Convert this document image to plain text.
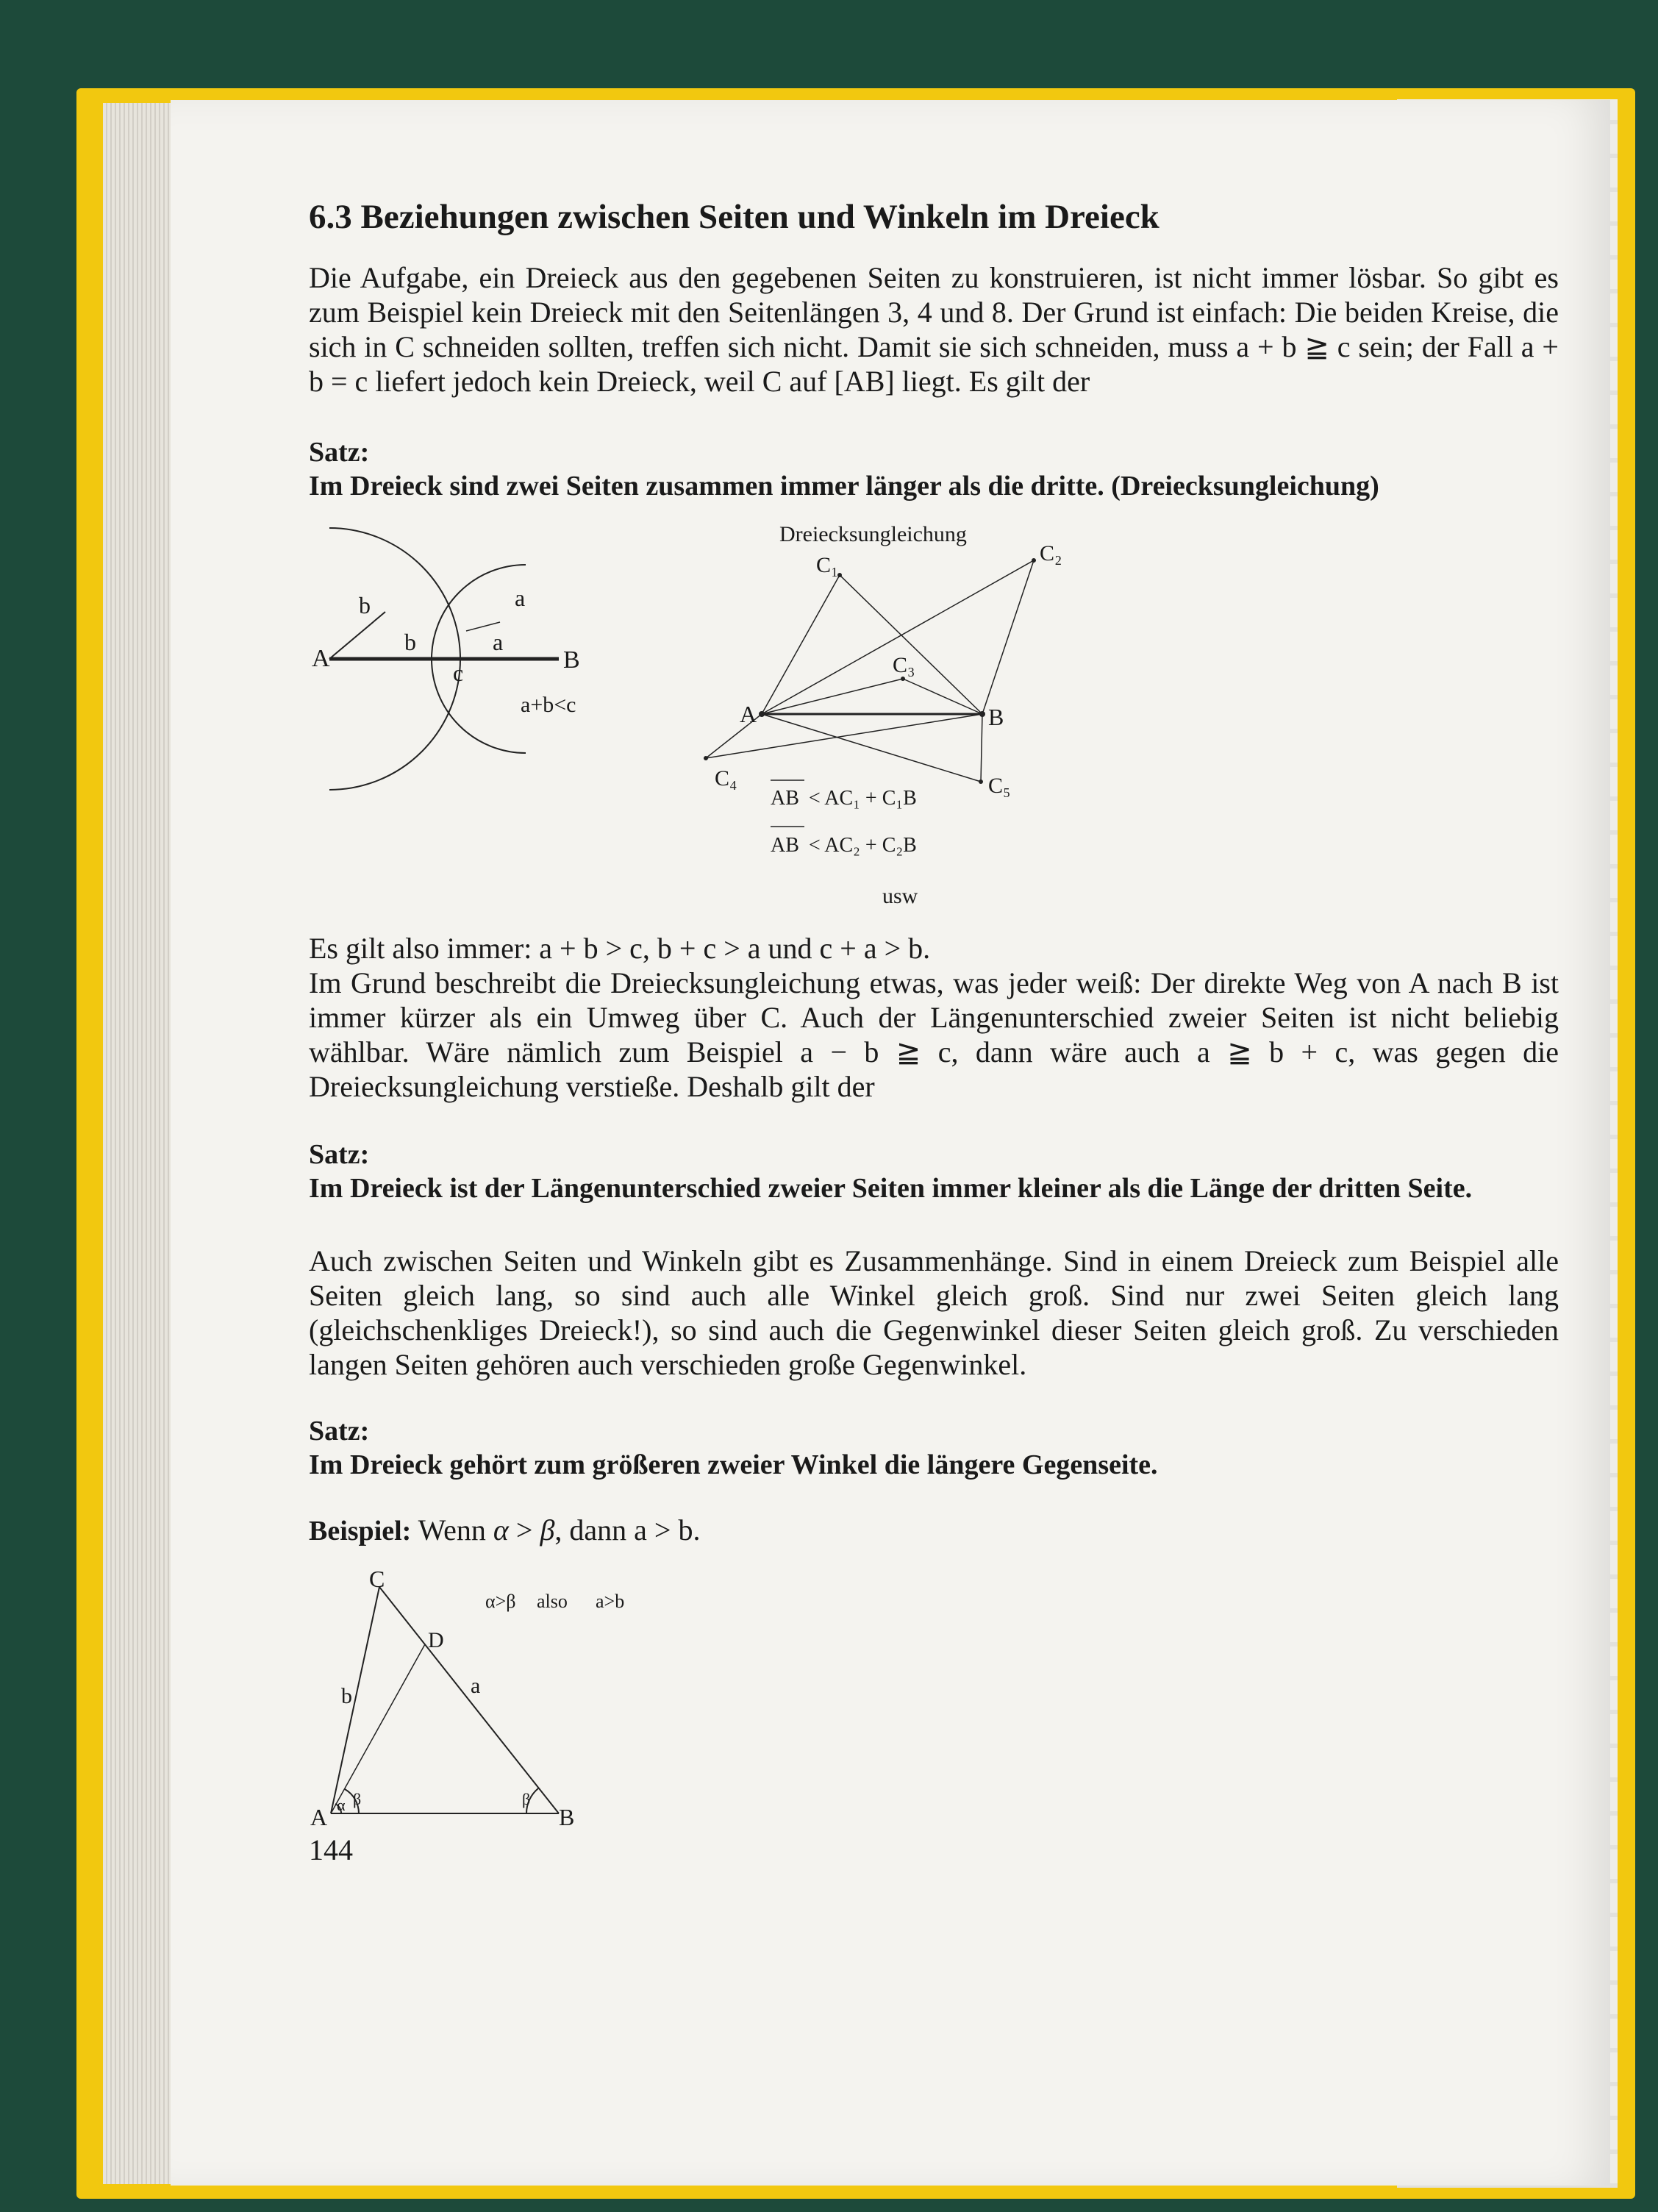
6.3 Beziehungen zwischen Seiten und Winkeln im Dreieck

Die Aufgabe, ein Dreieck aus den gegebenen Seiten zu konstruieren, ist nicht immer lösbar. So gibt es zum Beispiel kein Dreieck mit den Seitenlängen 3, 4 und 8. Der Grund ist einfach: Die beiden Kreise, die sich in C schneiden sollten, treffen sich nicht. Damit sie sich schneiden, muss a + b ≧ c sein; der Fall a + b = c liefert jedoch kein Dreieck, weil C auf [AB] liegt. Es gilt der

Satz:

Im Dreieck sind zwei Seiten zusammen immer länger als die dritte. (Dreiecksungleichung)

A	B
b	a
b	a
c
a+b<c
Dreiecksungleichung
A	B
C₁	C₂
C₃
C₄	C₅
AB < AC₁ + C₁B
AB < AC₂ + C₂B
usw

Es gilt also immer: a + b > c, b + c > a und c + a > b.

Im Grund beschreibt die Dreiecksungleichung etwas, was jeder weiß: Der direkte Weg von A nach B ist immer kürzer als ein Umweg über C. Auch der Längenunterschied zweier Seiten ist nicht beliebig wählbar. Wäre nämlich zum Beispiel a − b ≧ c, dann wäre auch a ≧ b + c, was gegen die Dreiecksungleichung verstieße. Deshalb gilt der

Satz:

Im Dreieck ist der Längenunterschied zweier Seiten immer kleiner als die Länge der dritten Seite.

Auch zwischen Seiten und Winkeln gibt es Zusammenhänge. Sind in einem Dreieck zum Beispiel alle Seiten gleich lang, so sind auch alle Winkel gleich groß. Sind nur zwei Seiten gleich lang (gleichschenkliges Dreieck!), so sind auch die Gegenwinkel dieser Seiten gleich groß. Zu verschieden langen Seiten gehören auch verschieden große Gegenwinkel.

Satz:

Im Dreieck gehört zum größeren zweier Winkel die längere Gegenseite.

Beispiel: Wenn α > β, dann a > b.

C
D
A	B
b	a
α β	β
α>β also a>b
144
